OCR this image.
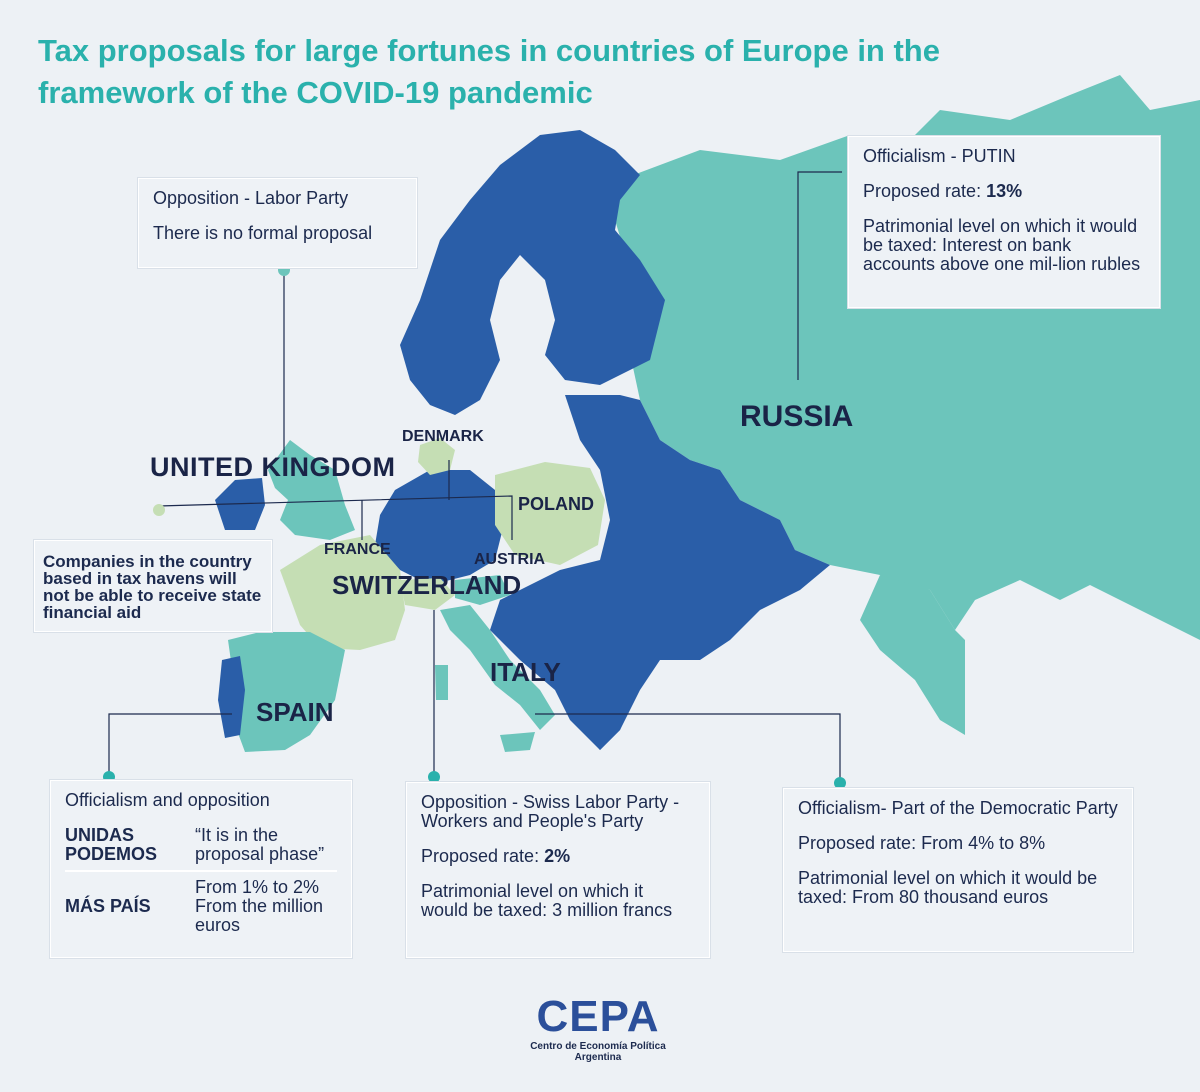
Tax proposals for large fortunes in countries of Europe in the framework of the COVID-19 pandemic
UNITED KINGDOM
DENMARK
POLAND
FRANCE
AUSTRIA
SWITZERLAND
ITALY
SPAIN
RUSSIA

Opposition - Labor Party

There is no formal proposal

Companies in the country based in tax havens will not be able to receive state financial aid

Officialism - PUTIN

Proposed rate: 13%

Patrimonial level on which it would be taxed: Interest on bank accounts above one mil-lion rubles

Officialism and opposition

UNIDAS PODEMOS	“It is in the proposal phase”
MÁS PAÍS	From 1% to 2% From the million euros

Opposition - Swiss Labor Party - Workers and People's Party

Proposed rate: 2%

Patrimonial level on which it would be taxed: 3 million francs

Officialism- Part of the Democratic Party

Proposed rate: From 4% to 8%

Patrimonial level on which it would be taxed: From 80 thousand euros

CEPA
Centro de Economía Política Argentina
